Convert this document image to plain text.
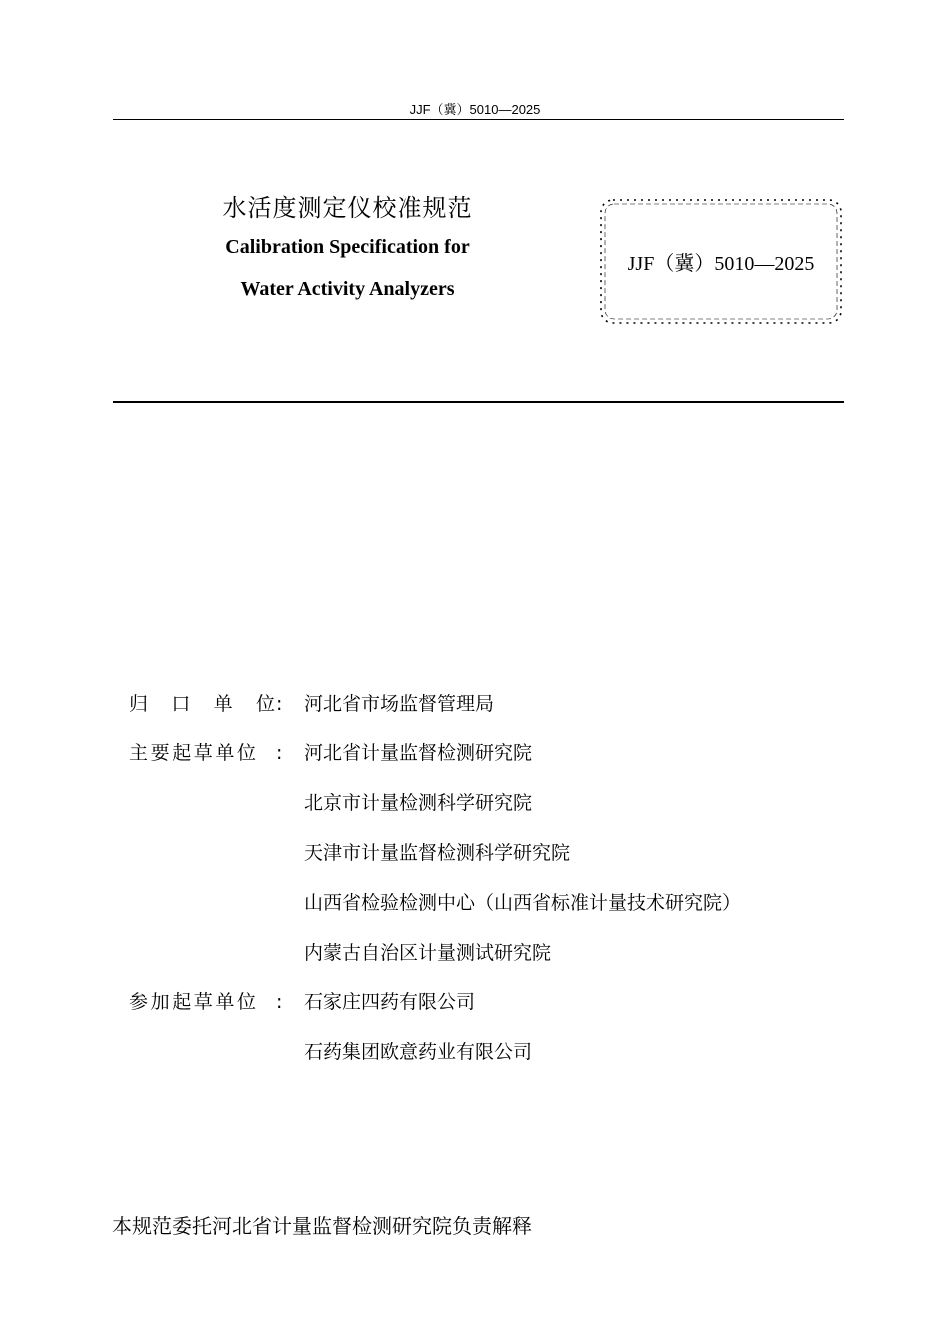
JJF（冀）5010—2025
水活度测定仪校准规范
Calibration Specification for
Water Activity Analyzers
JJF（冀）5010—2025
归 口 单 位 : 河北省市场监督管理局
主要起草单位 : 河北省计量监督检测研究院
北京市计量检测科学研究院
天津市计量监督检测科学研究院
山西省检验检测中心（山西省标准计量技术研究院）
内蒙古自治区计量测试研究院
参加起草单位 : 石家庄四药有限公司
石药集团欧意药业有限公司
本规范委托河北省计量监督检测研究院负责解释
